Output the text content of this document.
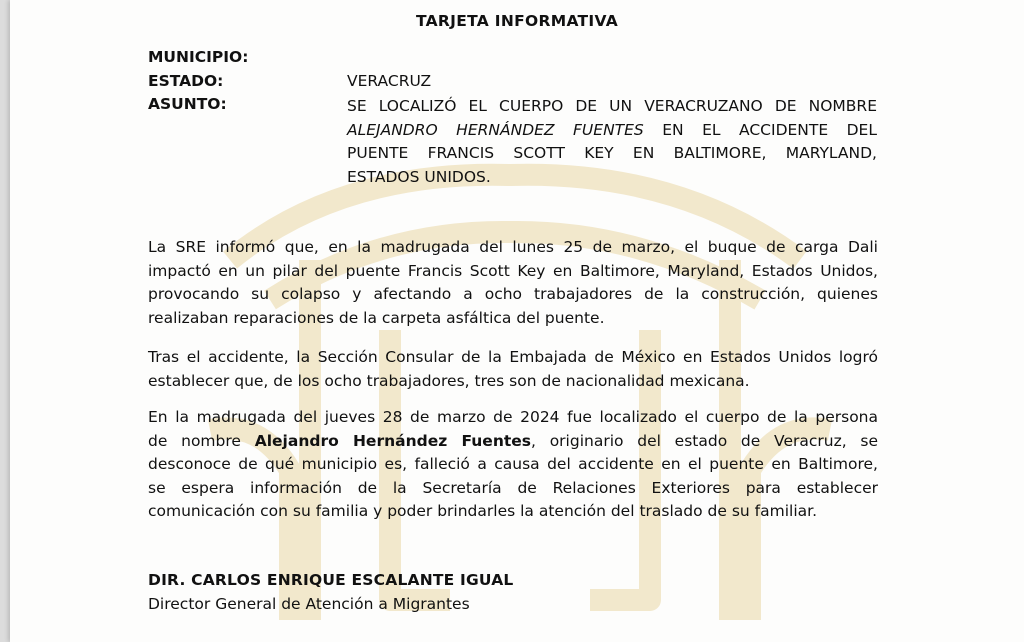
TARJETA INFORMATIVA
MUNICIPIO:
ESTADO:	VERACRUZ
ASUNTO:	SE LOCALIZÓ EL CUERPO DE UN VERACRUZANO DE NOMBRE
ALEJANDRO HERNÁNDEZ FUENTES EN EL ACCIDENTE DEL
PUENTE FRANCIS SCOTT KEY EN BALTIMORE, MARYLAND,
ESTADOS UNIDOS.
La SRE informó que, en la madrugada del lunes 25 de marzo, el buque de carga Dali
impactó en un pilar del puente Francis Scott Key en Baltimore, Maryland, Estados Unidos,
provocando su colapso y afectando a ocho trabajadores de la construcción, quienes
realizaban reparaciones de la carpeta asfáltica del puente.
Tras el accidente, la Sección Consular de la Embajada de México en Estados Unidos logró
establecer que, de los ocho trabajadores, tres son de nacionalidad mexicana.
En la madrugada del jueves 28 de marzo de 2024 fue localizado el cuerpo de la persona
de nombre Alejandro Hernández Fuentes, originario del estado de Veracruz, se
desconoce de qué municipio es, falleció a causa del accidente en el puente en Baltimore,
se espera información de la Secretaría de Relaciones Exteriores para establecer
comunicación con su familia y poder brindarles la atención del traslado de su familiar.
DIR. CARLOS ENRIQUE ESCALANTE IGUAL
Director General de Atención a Migrantes
